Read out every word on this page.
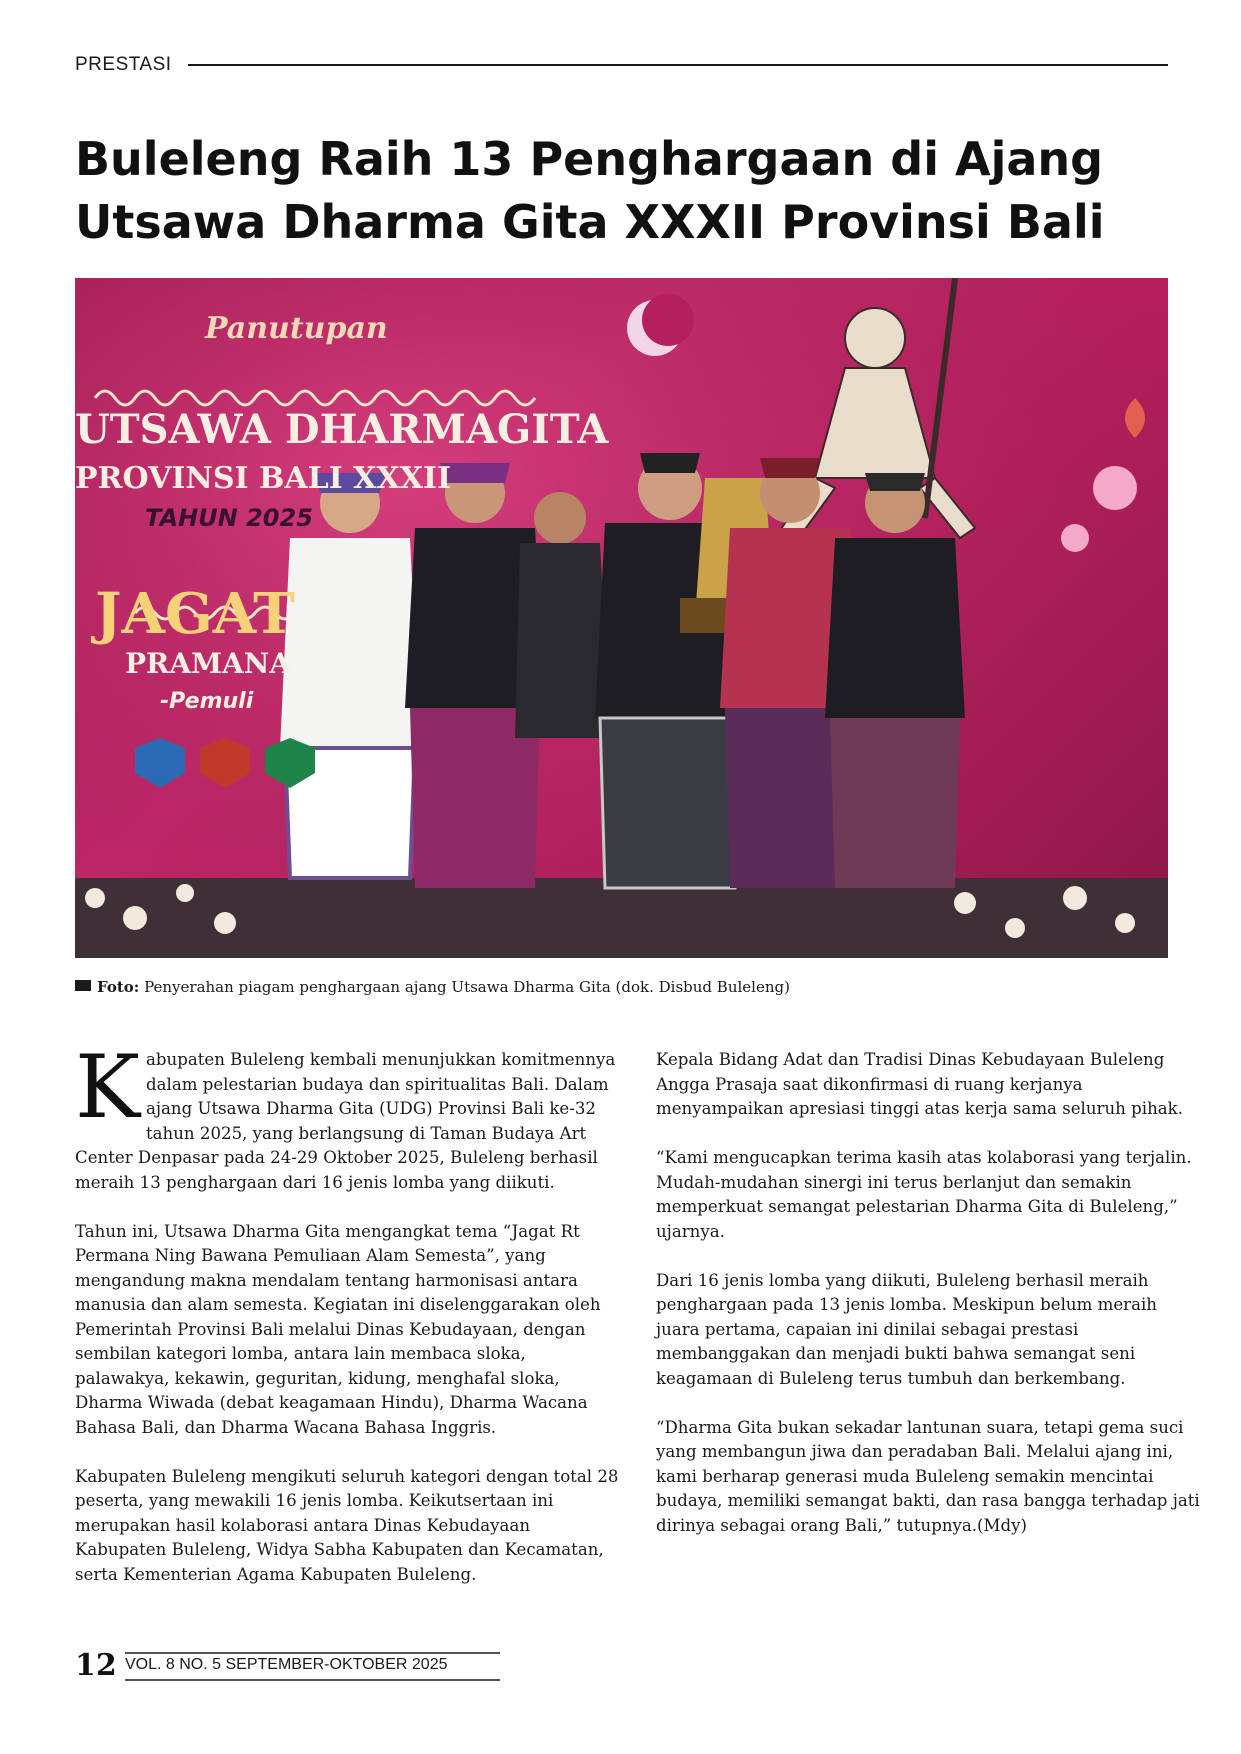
PRESTASI
Buleleng Raih 13 Penghargaan di Ajang Utsawa Dharma Gita XXXII Provinsi Bali
Panutupan
UTSAWA DHARMAGITA
PROVINSI BALI XXXII
TAHUN 2025
JAGAT
PRAMANA
-Pemuli
Foto: Penyerahan piagam penghargaan ajang Utsawa Dharma Gita (dok. Disbud Buleleng)

Kabupaten Buleleng kembali menunjukkan komitmennya dalam pelestarian budaya dan spiritualitas Bali. Dalam ajang Utsawa Dharma Gita (UDG) Provinsi Bali ke-32 tahun 2025, yang berlangsung di Taman Budaya Art Center Denpasar pada 24-29 Oktober 2025, Buleleng berhasil meraih 13 penghargaan dari 16 jenis lomba yang diikuti.

Tahun ini, Utsawa Dharma Gita mengangkat tema “Jagat Rt Permana Ning Bawana Pemuliaan Alam Semesta”, yang mengandung makna mendalam tentang harmonisasi antara manusia dan alam semesta. Kegiatan ini diselenggarakan oleh Pemerintah Provinsi Bali melalui Dinas Kebudayaan, dengan sembilan kategori lomba, antara lain membaca sloka, palawakya, kekawin, geguritan, kidung, menghafal sloka, Dharma Wiwada (debat keagamaan Hindu), Dharma Wacana Bahasa Bali, dan Dharma Wacana Bahasa Inggris.

Kabupaten Buleleng mengikuti seluruh kategori dengan total 28 peserta, yang mewakili 16 jenis lomba. Keikutsertaan ini merupakan hasil kolaborasi antara Dinas Kebudayaan Kabupaten Buleleng, Widya Sabha Kabupaten dan Kecamatan, serta Kementerian Agama Kabupaten Buleleng.

Kepala Bidang Adat dan Tradisi Dinas Kebudayaan Buleleng Angga Prasaja saat dikonfirmasi di ruang kerjanya menyampaikan apresiasi tinggi atas kerja sama seluruh pihak.

“Kami mengucapkan terima kasih atas kolaborasi yang terjalin. Mudah-mudahan sinergi ini terus berlanjut dan semakin memperkuat semangat pelestarian Dharma Gita di Buleleng,” ujarnya.

Dari 16 jenis lomba yang diikuti, Buleleng berhasil meraih penghargaan pada 13 jenis lomba. Meskipun belum meraih juara pertama, capaian ini dinilai sebagai prestasi membanggakan dan menjadi bukti bahwa semangat seni keagamaan di Buleleng terus tumbuh dan berkembang.

“Dharma Gita bukan sekadar lantunan suara, tetapi gema suci yang membangun jiwa dan peradaban Bali. Melalui ajang ini, kami berharap generasi muda Buleleng semakin mencintai budaya, memiliki semangat bakti, dan rasa bangga terhadap jati dirinya sebagai orang Bali,” tutupnya.(Mdy)

12 VOL. 8 NO. 5 SEPTEMBER-OKTOBER 2025
